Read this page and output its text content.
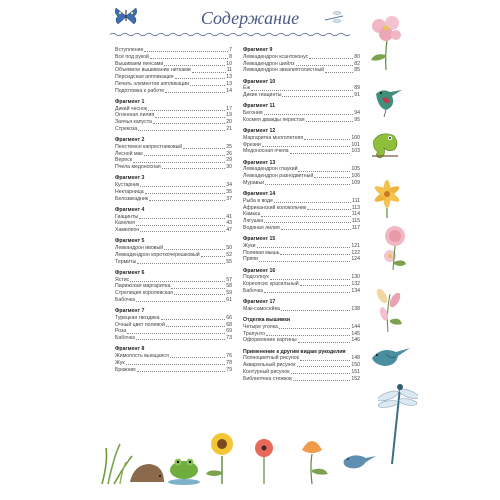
Содержание
Вступление	7
Всё под рукой	8
Вышиваем пенсами	10
Объемное вышивание нитками	11
Персидская аппликация	13
Печать элементов аппликации	13
Подготовка к работе	14
Фрагмент 1
Дикий чеснок	17
Огненная лилия	19
Заячья капуста	20
Стрекоза	21
Фрагмент 2
Пенстемон капрестниковый	25
Лесной мак	26
Вереск	29
Пчела медоносная	30
Фрагмент 3
Кустарник	34
Нектарница	35
Белозвездник	37
Фрагмент 4
Гиацинты	41
Кахелия	43
Хамелеон	47
Фрагмент 5
Левкандрон ивовый	50
Левкадендрон короткочерешковый	52
Термиты	55
Фрагмент 6
Ястис	57
Парижская маргаритка	58
Стрелиция королевская	59
Бабочка	61
Фрагмент 7
Турецкая гвоздика	66
Очный цвет полевой	68
Роза	69
Бабочка	73
Фрагмент 8
Жимолость вьющаяся	76
Жук	78
Бражник	79
Фрагмент 9
Левкадендрон ксантоконус	80
Левкадендрон шейлз	82
Левкадендрон эвкалиптолистный	85
Фрагмент 10
Ёж	89
Дикие гиацинты	91
Фрагмент 11
Бегония	94
Космея дважды перистая	95
Фрагмент 12
Маргаритка многолетняя	100
Фрезии	101
Медоносная пчела	103
Фрагмент 13
Левкадендрон глаукий	105
Левкадендрон разнодветный	106
Муравьи	109
Фрагмент 14
Рыба в воде	111
Африканский колокольчик	113
Камыш	114
Лягушка	115
Водяная лилия	117
Фрагмент 15
Жуки	121
Полевая мышь	122
Пряпи	124
Фрагмент 16
Подсолнух	130
Кореопсис красильный	132
Бабочка	134
Фрагмент 17
Мак-самосейка	138
Отделка вышивки
Четыре уголка	144
Трапунто	145
Оформление картины	146
Применение к другим видам рукоделия
Полноцветный рисунок	148
Акварельный рисунок	150
Контурный рисунок	151
Библиотека стежков	152
